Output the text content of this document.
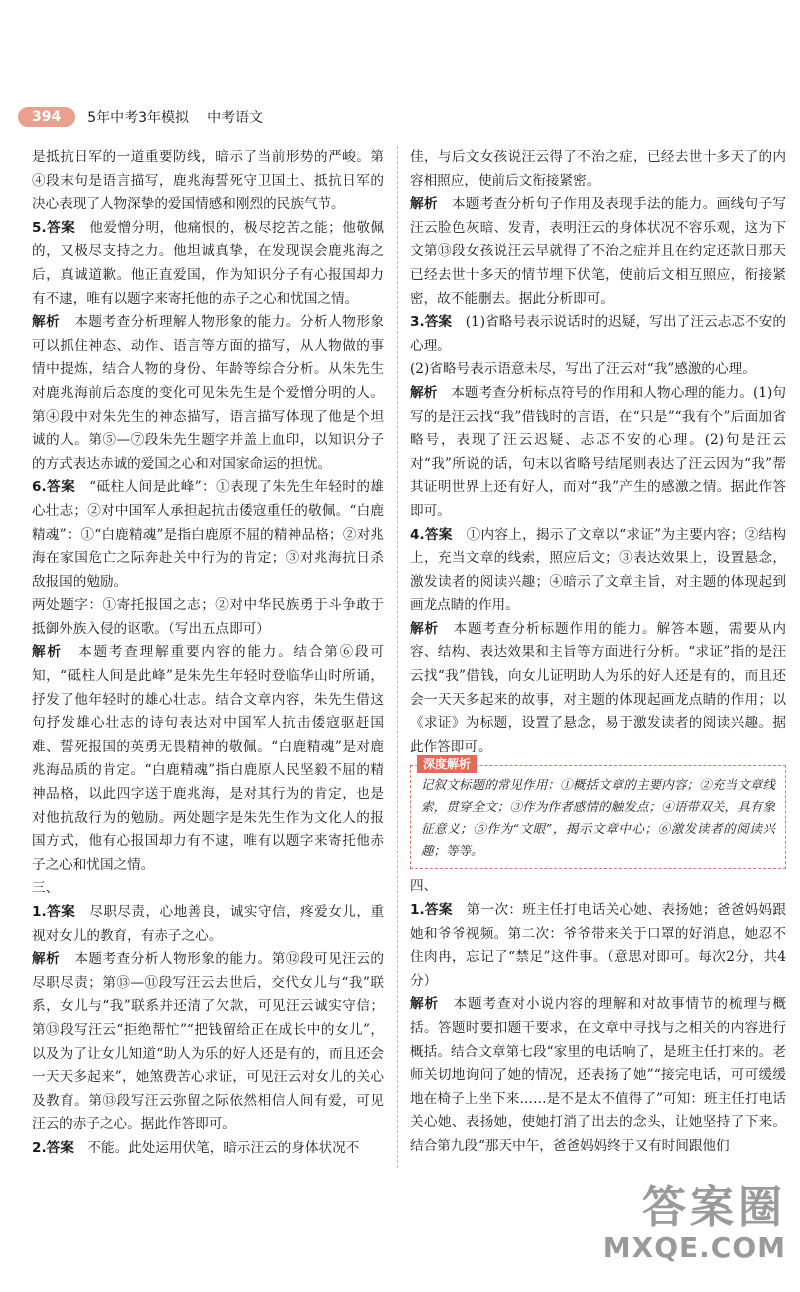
394	5年中考3年模拟 中考语文

是抵抗日军的一道重要防线，暗示了当前形势的严峻。第④段末句是语言描写，鹿兆海誓死守卫国土、抵抗日军的决心表现了人物深挚的爱国情感和刚烈的民族气节。

5.答案　 他爱憎分明，他痛恨的，极尽挖苦之能；他敬佩的，又极尽支持之力。他坦诚真挚，在发现误会鹿兆海之后，真诚道歉。他正直爱国，作为知识分子有心报国却力有不逮，唯有以题字来寄托他的赤子之心和忧国之情。

解析　 本题考查分析理解人物形象的能力。分析人物形象可以抓住神态、动作、语言等方面的描写，从人物做的事情中提炼，结合人物的身份、年龄等综合分析。从朱先生对鹿兆海前后态度的变化可见朱先生是个爱憎分明的人。第④段中对朱先生的神态描写，语言描写体现了他是个坦诚的人。第⑤—⑦段朱先生题字并盖上血印，以知识分子的方式表达赤诚的爱国之心和对国家命运的担忧。

6.答案　 “砥柱人间是此峰”：①表现了朱先生年轻时的雄心壮志；②对中国军人承担起抗击倭寇重任的敬佩。“白鹿精魂”：①“白鹿精魂”是指白鹿原不屈的精神品格；②对兆海在家国危亡之际奔赴关中行为的肯定；③对兆海抗日杀敌报国的勉励。

两处题字：①寄托报国之志；②对中华民族勇于斗争敢于抵御外族入侵的讴歌。（写出五点即可）

解析　 本题考查理解重要内容的能力。结合第⑥段可知，“砥柱人间是此峰”是朱先生年轻时登临华山时所诵，抒发了他年轻时的雄心壮志。结合文章内容，朱先生借这句抒发雄心壮志的诗句表达对中国军人抗击倭寇驱赶国难、誓死报国的英勇无畏精神的敬佩。“白鹿精魂”是对鹿兆海品质的肯定。“白鹿精魂”指白鹿原人民坚毅不屈的精神品格，以此四字送于鹿兆海，是对其行为的肯定，也是对他抗敌行为的勉励。两处题字是朱先生作为文化人的报国方式，他有心报国却力有不逮，唯有以题字来寄托他赤子之心和忧国之情。

三、

1.答案　 尽职尽责，心地善良，诚实守信，疼爱女儿，重视对女儿的教育，有赤子之心。

解析　 本题考查分析人物形象的能力。第⑫段可见汪云的尽职尽责；第⑬—⑪段写汪云去世后，交代女儿与“我”联系，女儿与“我”联系并还清了欠款，可见汪云诚实守信；第⑬段写汪云“拒绝帮忙”“把钱留给正在成长中的女儿”，以及为了让女儿知道“助人为乐的好人还是有的，而且还会一天天多起来”，她煞费苦心求证，可见汪云对女儿的关心及教育。第⑬段写汪云弥留之际依然相信人间有爱，可见汪云的赤子之心。据此作答即可。

2.答案　 不能。此处运用伏笔，暗示汪云的身体状况不

佳，与后文女孩说汪云得了不治之症，已经去世十多天了的内容相照应，使前后文衔接紧密。

解析　 本题考查分析句子作用及表现手法的能力。画线句子写汪云脸色灰暗、发青，表明汪云的身体状况不容乐观，这为下文第⑬段女孩说汪云早就得了不治之症并且在约定还款日那天已经去世十多天的情节埋下伏笔，使前后文相互照应，衔接紧密，故不能删去。据此分析即可。

3.答案　 (1)省略号表示说话时的迟疑，写出了汪云忐忑不安的心理。

(2)省略号表示语意未尽，写出了汪云对“我”感激的心理。

解析　 本题考查分析标点符号的作用和人物心理的能力。(1)句写的是汪云找“我”借钱时的言语，在“只是”“我有个”后面加省略号，表现了汪云迟疑、忐忑不安的心理。(2)句是汪云对“我”所说的话，句末以省略号结尾则表达了汪云因为“我”帮其证明世界上还有好人，而对“我”产生的感激之情。据此作答即可。

4.答案　 ①内容上，揭示了文章以“求证”为主要内容；②结构上，充当文章的线索，照应后文；③表达效果上，设置悬念，激发读者的阅读兴趣；④暗示了文章主旨，对主题的体现起到画龙点睛的作用。

解析　 本题考查分析标题作用的能力。解答本题，需要从内容、结构、表达效果和主旨等方面进行分析。“求证”指的是汪云找“我”借钱，向女儿证明助人为乐的好人还是有的，而且还会一天天多起来的故事，对主题的体现起画龙点睛的作用；以《求证》为标题，设置了悬念，易于激发读者的阅读兴趣。据此作答即可。

深度解析

记叙文标题的常见作用：①概括文章的主要内容；②充当文章线索，贯穿全文；③作为作者感情的触发点；④语带双关，具有象征意义；⑤作为“文眼”，揭示文章中心；⑥激发读者的阅读兴趣；等等。

四、

1.答案　 第一次：班主任打电话关心她、表扬她；爸爸妈妈跟她和爷爷视频。第二次：爷爷带来关于口罩的好消息，她忍不住肉冉，忘记了“禁足”这件事。（意思对即可。每次2分，共4分）

解析　 本题考查对小说内容的理解和对故事情节的梳理与概括。答题时要扣题干要求，在文章中寻找与之相关的内容进行概括。结合文章第七段“家里的电话响了，是班主任打来的。老师关切地询问了她的情况，还表扬了她”“接完电话，可可缓缓地在椅子上坐下来……是不是太不值得了”可知：班主任打电话关心她、表扬她，使她打消了出去的念头，让她坚持了下来。结合第九段“那天中午，爸爸妈妈终于又有时间跟他们

答案圈
MXQE.COM
